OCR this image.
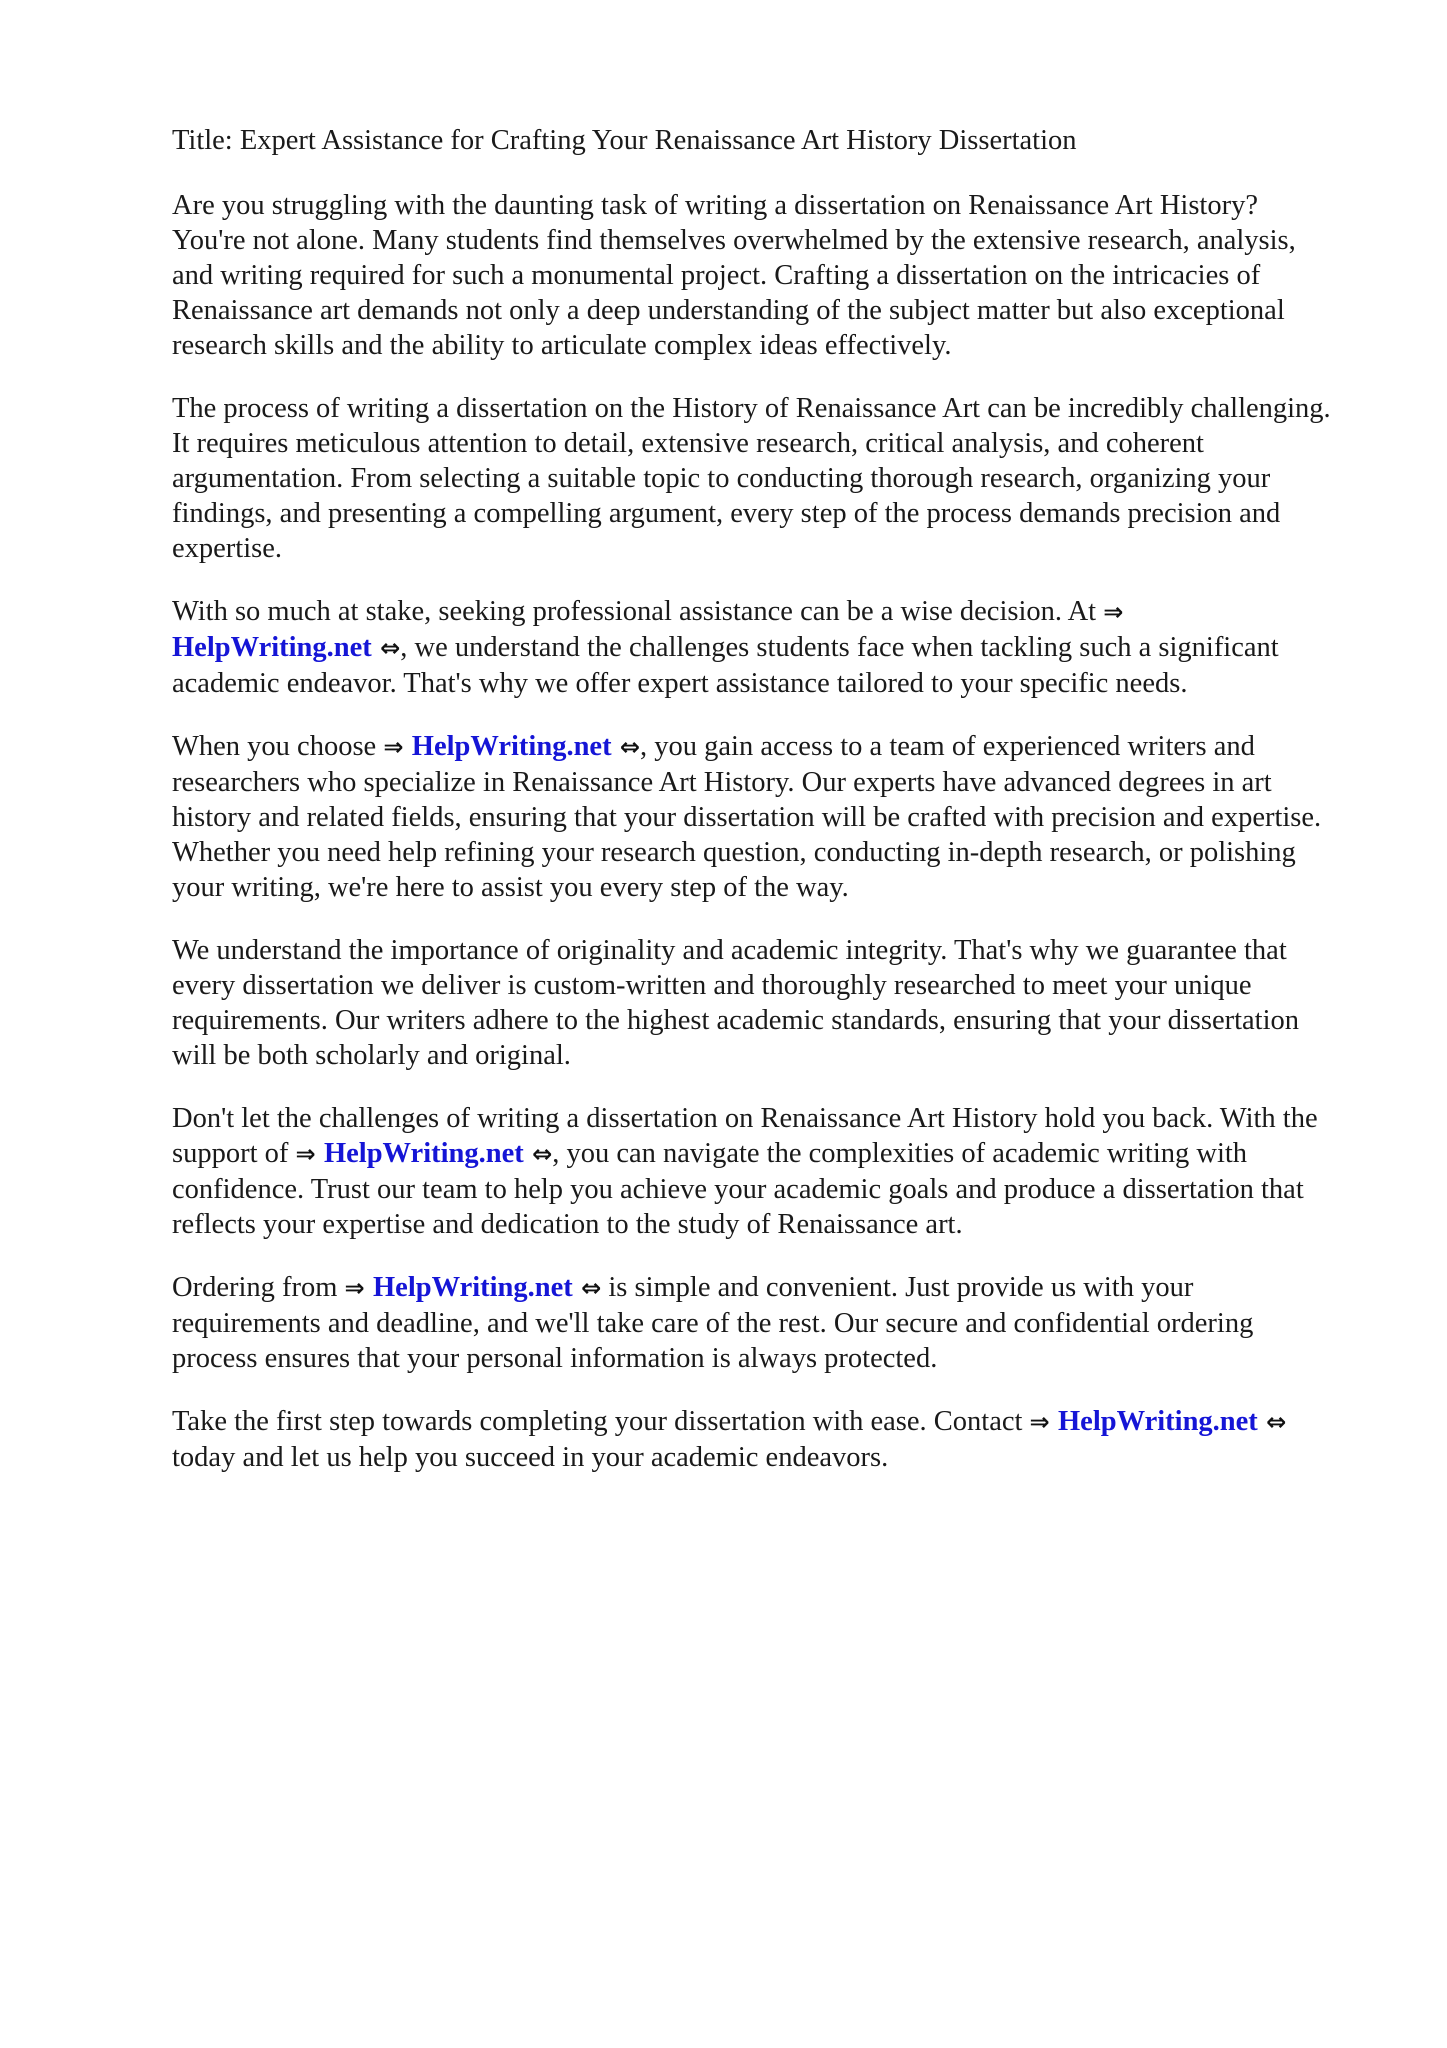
Title: Expert Assistance for Crafting Your Renaissance Art History Dissertation

Are you struggling with the daunting task of writing a dissertation on Renaissance Art History?
You're not alone. Many students find themselves overwhelmed by the extensive research, analysis,
and writing required for such a monumental project. Crafting a dissertation on the intricacies of
Renaissance art demands not only a deep understanding of the subject matter but also exceptional
research skills and the ability to articulate complex ideas effectively.

The process of writing a dissertation on the History of Renaissance Art can be incredibly challenging.
It requires meticulous attention to detail, extensive research, critical analysis, and coherent
argumentation. From selecting a suitable topic to conducting thorough research, organizing your
findings, and presenting a compelling argument, every step of the process demands precision and
expertise.

With so much at stake, seeking professional assistance can be a wise decision. At ⇒
HelpWriting.net ⇔, we understand the challenges students face when tackling such a significant
academic endeavor. That's why we offer expert assistance tailored to your specific needs.

When you choose ⇒ HelpWriting.net ⇔, you gain access to a team of experienced writers and
researchers who specialize in Renaissance Art History. Our experts have advanced degrees in art
history and related fields, ensuring that your dissertation will be crafted with precision and expertise.
Whether you need help refining your research question, conducting in-depth research, or polishing
your writing, we're here to assist you every step of the way.

We understand the importance of originality and academic integrity. That's why we guarantee that
every dissertation we deliver is custom-written and thoroughly researched to meet your unique
requirements. Our writers adhere to the highest academic standards, ensuring that your dissertation
will be both scholarly and original.

Don't let the challenges of writing a dissertation on Renaissance Art History hold you back. With the
support of ⇒ HelpWriting.net ⇔, you can navigate the complexities of academic writing with
confidence. Trust our team to help you achieve your academic goals and produce a dissertation that
reflects your expertise and dedication to the study of Renaissance art.

Ordering from ⇒ HelpWriting.net ⇔ is simple and convenient. Just provide us with your
requirements and deadline, and we'll take care of the rest. Our secure and confidential ordering
process ensures that your personal information is always protected.

Take the first step towards completing your dissertation with ease. Contact ⇒ HelpWriting.net ⇔
today and let us help you succeed in your academic endeavors.
